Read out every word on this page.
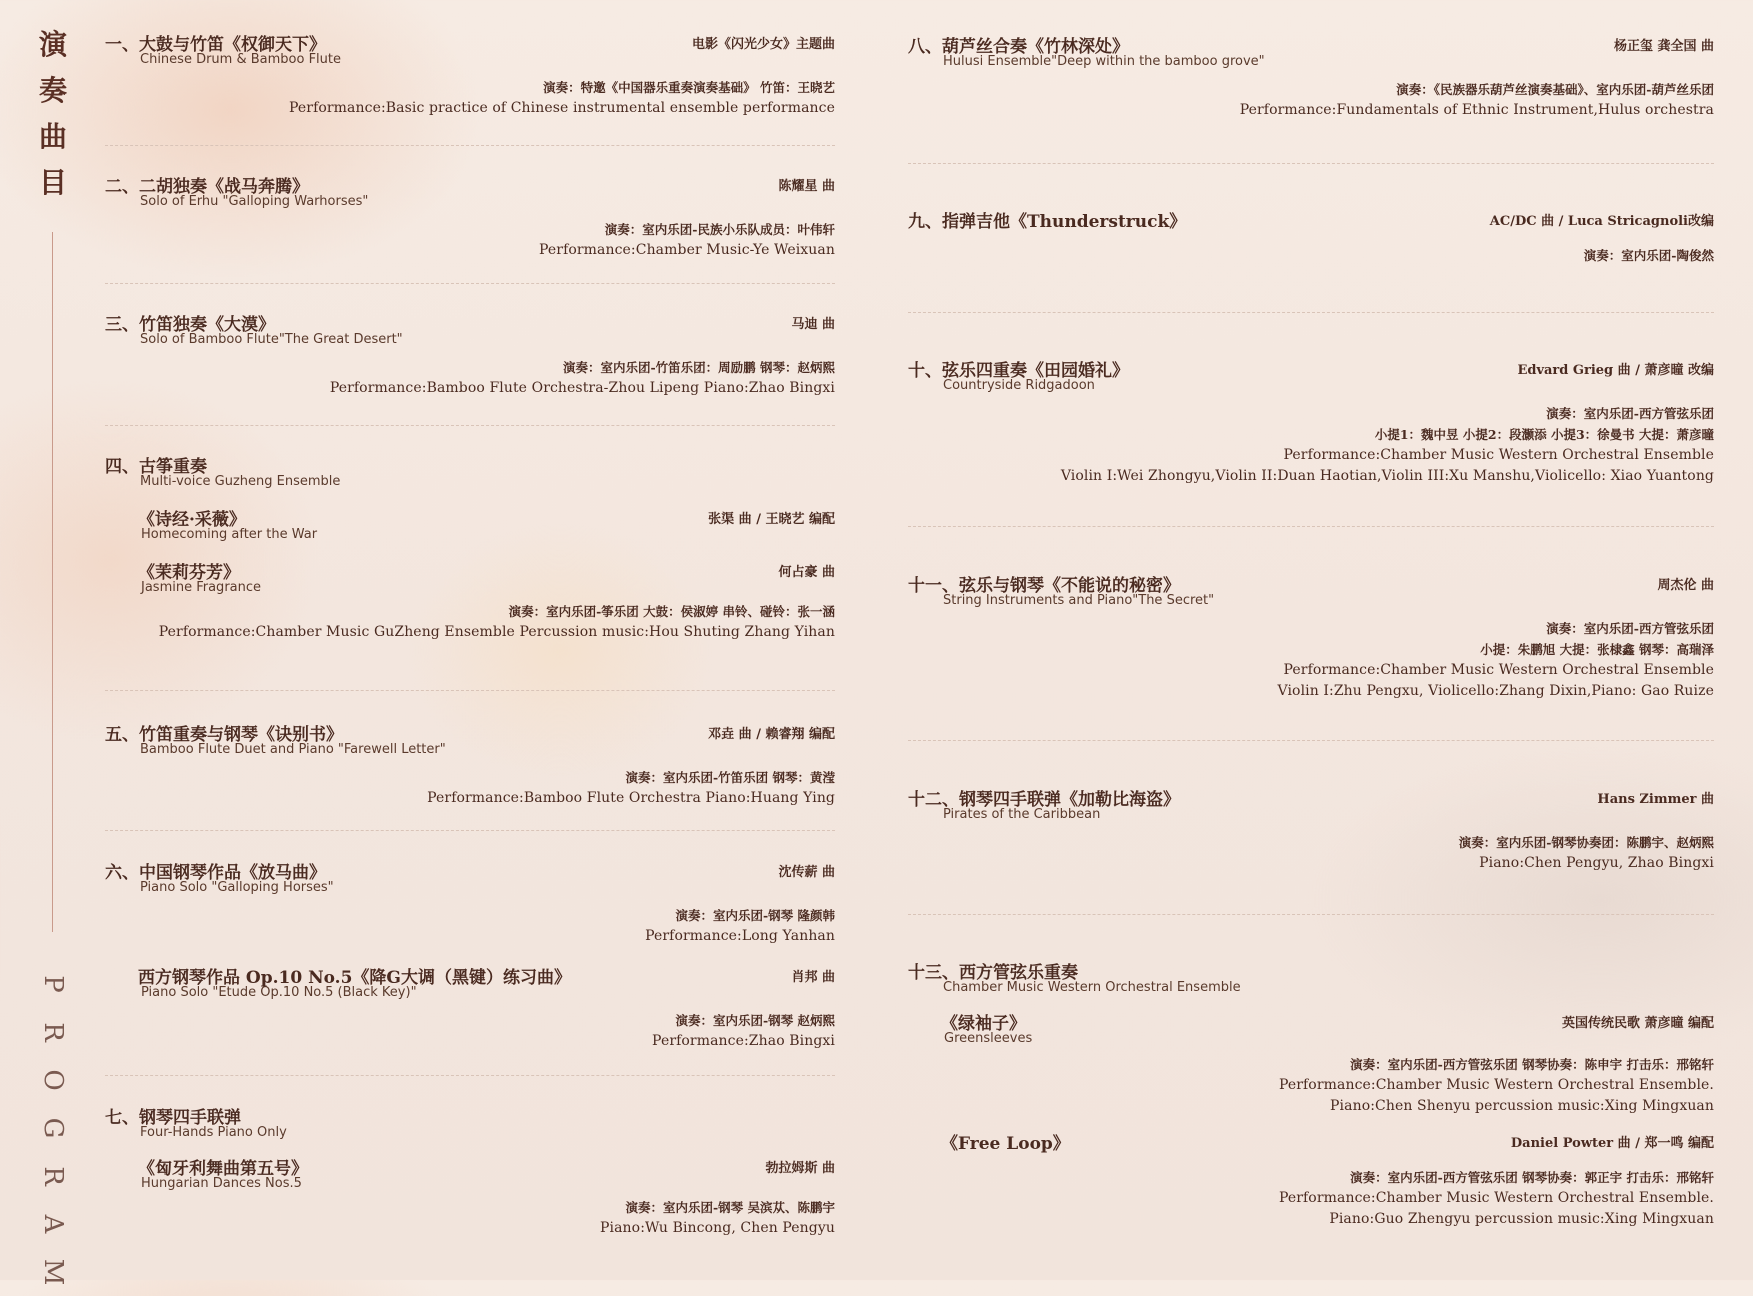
演
奏
曲
目
P
R
O
G
R
A
M
一、大鼓与竹笛《权御天下》	电影《闪光少女》主题曲
Chinese Drum & Bamboo Flute
演奏：特邀《中国器乐重奏演奏基础》 竹笛：王晓艺
Performance:Basic practice of Chinese instrumental ensemble performance
二、二胡独奏《战马奔腾》	陈耀星 曲
Solo of Erhu "Galloping Warhorses"
演奏：室内乐团-民族小乐队成员：叶伟轩
Performance:Chamber Music-Ye Weixuan
三、竹笛独奏《大漠》	马迪 曲
Solo of Bamboo Flute"The Great Desert"
演奏：室内乐团-竹笛乐团：周励鹏 钢琴：赵炳熙
Performance:Bamboo Flute Orchestra-Zhou Lipeng Piano:Zhao Bingxi
四、古筝重奏
Multi-voice Guzheng Ensemble
《诗经·采薇》	张渠 曲 / 王晓艺 编配
Homecoming after the War
《茉莉芬芳》	何占豪 曲
Jasmine Fragrance
演奏：室内乐团-筝乐团 大鼓：侯淑婷 串铃、碰铃：张一涵
Performance:Chamber Music GuZheng Ensemble Percussion music:Hou Shuting Zhang Yihan
五、竹笛重奏与钢琴《诀别书》	邓垚 曲 / 赖睿翔 编配
Bamboo Flute Duet and Piano "Farewell Letter"
演奏：室内乐团-竹笛乐团 钢琴：黄滢
Performance:Bamboo Flute Orchestra Piano:Huang Ying
六、中国钢琴作品《放马曲》	沈传薪 曲
Piano Solo "Galloping Horses"
演奏：室内乐团-钢琴 隆颜韩
Performance:Long Yanhan
西方钢琴作品 Op.10 No.5《降G大调（黑键）练习曲》	肖邦 曲
Piano Solo "Etude Op.10 No.5 (Black Key)"
演奏：室内乐团-钢琴 赵炳熙
Performance:Zhao Bingxi
七、钢琴四手联弹
Four-Hands Piano Only
《匈牙利舞曲第五号》	勃拉姆斯 曲
Hungarian Dances Nos.5
演奏：室内乐团-钢琴 吴滨苁、陈鹏宇
Piano:Wu Bincong, Chen Pengyu
八、葫芦丝合奏《竹林深处》	杨正玺 龚全国 曲
Hulusi Ensemble"Deep within the bamboo grove"
演奏：《民族器乐葫芦丝演奏基础》、室内乐团-葫芦丝乐团
Performance:Fundamentals of Ethnic Instrument,Hulus orchestra
九、指弹吉他《Thunderstruck》	AC/DC 曲 / Luca Stricagnoli改编
演奏：室内乐团-陶俊然
十、弦乐四重奏《田园婚礼》	Edvard Grieg 曲 / 萧彦曈 改编
Countryside Ridgadoon
演奏：室内乐团-西方管弦乐团
小提1：魏中昱 小提2：段灏添 小提3：徐曼书 大提：萧彦曈
Performance:Chamber Music Western Orchestral Ensemble
Violin I:Wei Zhongyu,Violin II:Duan Haotian,Violin III:Xu Manshu,Violicello: Xiao Yuantong
十一、弦乐与钢琴《不能说的秘密》	周杰伦 曲
String Instruments and Piano"The Secret"
演奏：室内乐团-西方管弦乐团
小提：朱鹏旭 大提：张棣鑫 钢琴：高瑞泽
Performance:Chamber Music Western Orchestral Ensemble
Violin I:Zhu Pengxu, Violicello:Zhang Dixin,Piano: Gao Ruize
十二、钢琴四手联弹《加勒比海盗》	Hans Zimmer 曲
Pirates of the Caribbean
演奏：室内乐团-钢琴协奏团：陈鹏宇、赵炳熙
Piano:Chen Pengyu, Zhao Bingxi
十三、西方管弦乐重奏
Chamber Music Western Orchestral Ensemble
《绿袖子》	英国传统民歌 萧彦曈 编配
Greensleeves
演奏：室内乐团-西方管弦乐团 钢琴协奏：陈申宇 打击乐：邢铭轩
Performance:Chamber Music Western Orchestral Ensemble.
Piano:Chen Shenyu percussion music:Xing Mingxuan
《Free Loop》	Daniel Powter 曲 / 郑一鸣 编配
演奏：室内乐团-西方管弦乐团 钢琴协奏：郭正宇 打击乐：邢铭轩
Performance:Chamber Music Western Orchestral Ensemble.
Piano:Guo Zhengyu percussion music:Xing Mingxuan
